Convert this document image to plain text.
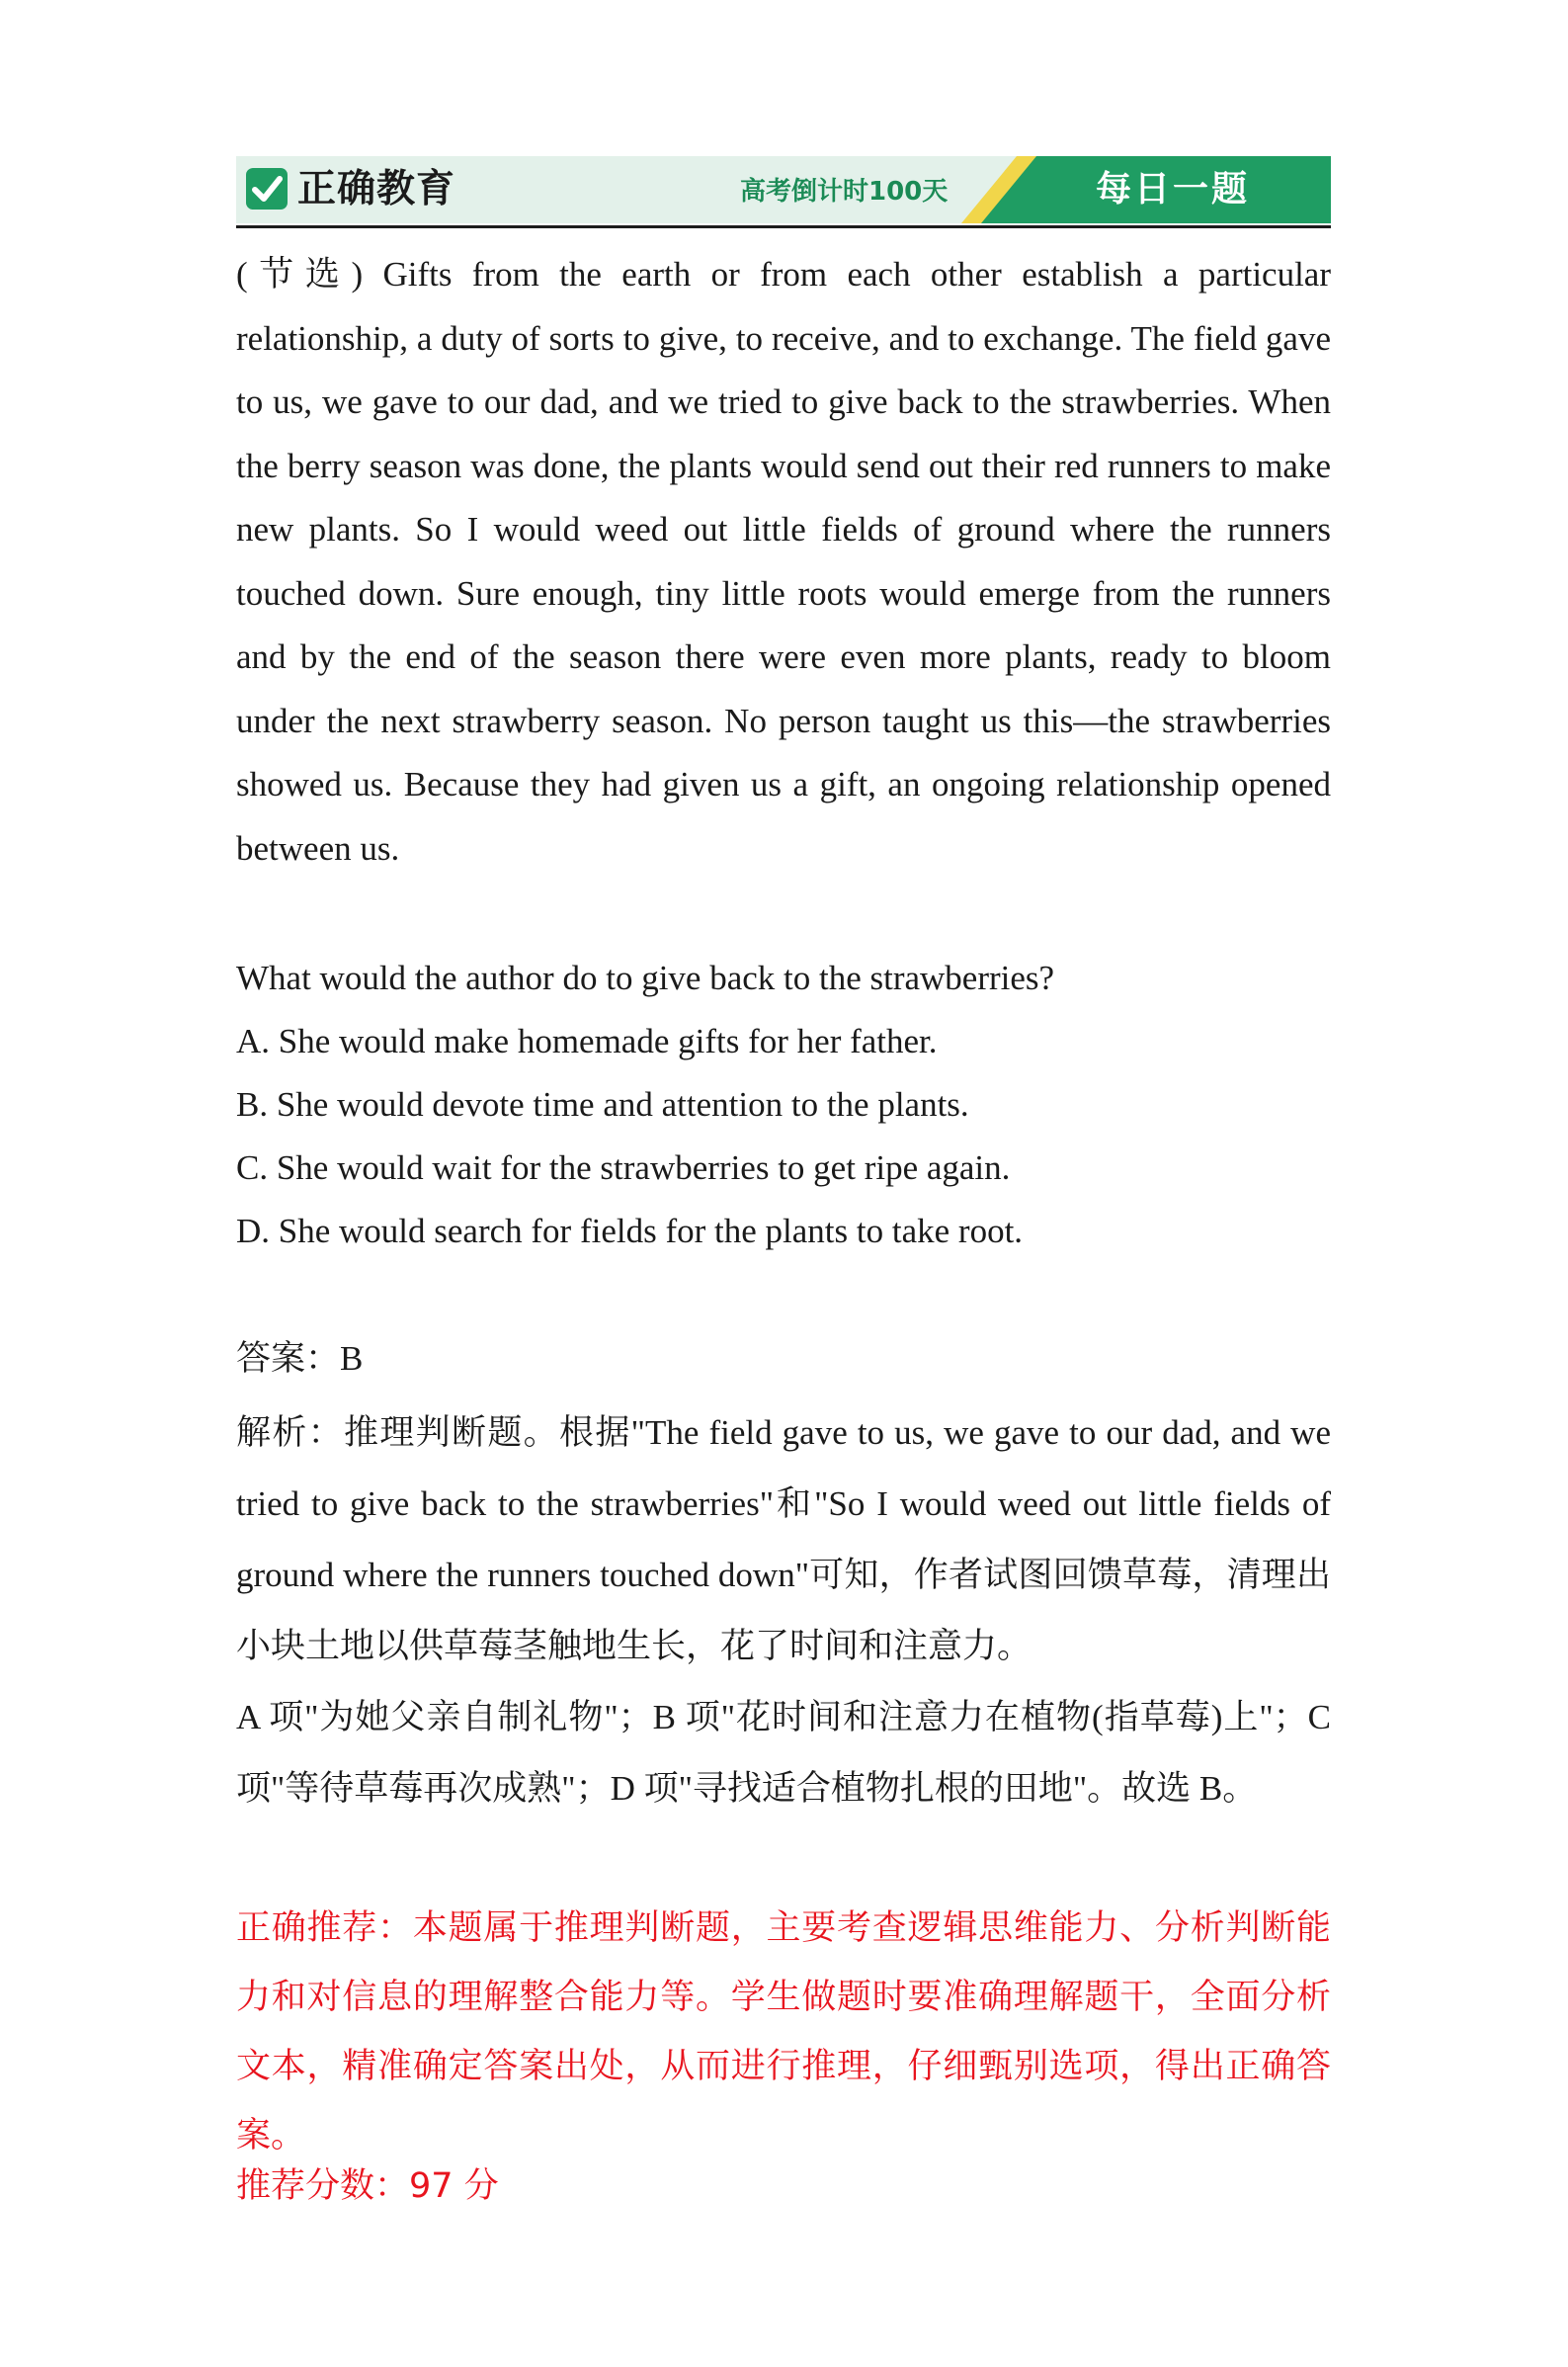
正确教育	高考倒计时100天	每日一题
(节选) Gifts from the earth or from each other establish a particular relationship, a duty of sorts to give, to receive, and to exchange. The field gave to us, we gave to our dad, and we tried to give back to the strawberries. When the berry season was done, the plants would send out their red runners to make new plants. So I would weed out little fields of ground where the runners touched down. Sure enough, tiny little roots would emerge from the runners and by the end of the season there were even more plants, ready to bloom under the next strawberry season. No person taught us this—the strawberries showed us. Because they had given us a gift, an ongoing relationship opened between us.

What would the author do to give back to the strawberries?

A. She would make homemade gifts for her father.

B. She would devote time and attention to the plants.

C. She would wait for the strawberries to get ripe again.

D. She would search for fields for the plants to take root.

答案：B

解析：推理判断题。根据"The field gave to us, we gave to our dad, and we tried to give back to the strawberries"和"So I would weed out little fields of ground where the runners touched down"可知，作者试图回馈草莓，清理出小块土地以供草莓茎触地生长，花了时间和注意力。

A 项"为她父亲自制礼物"；B 项"花时间和注意力在植物(指草莓)上"；C 项"等待草莓再次成熟"；D 项"寻找适合植物扎根的田地"。故选 B。

正确推荐：本题属于推理判断题，主要考查逻辑思维能力、分析判断能力和对信息的理解整合能力等。学生做题时要准确理解题干，全面分析文本，精准确定答案出处，从而进行推理，仔细甄别选项，得出正确答案。
推荐分数：97 分
